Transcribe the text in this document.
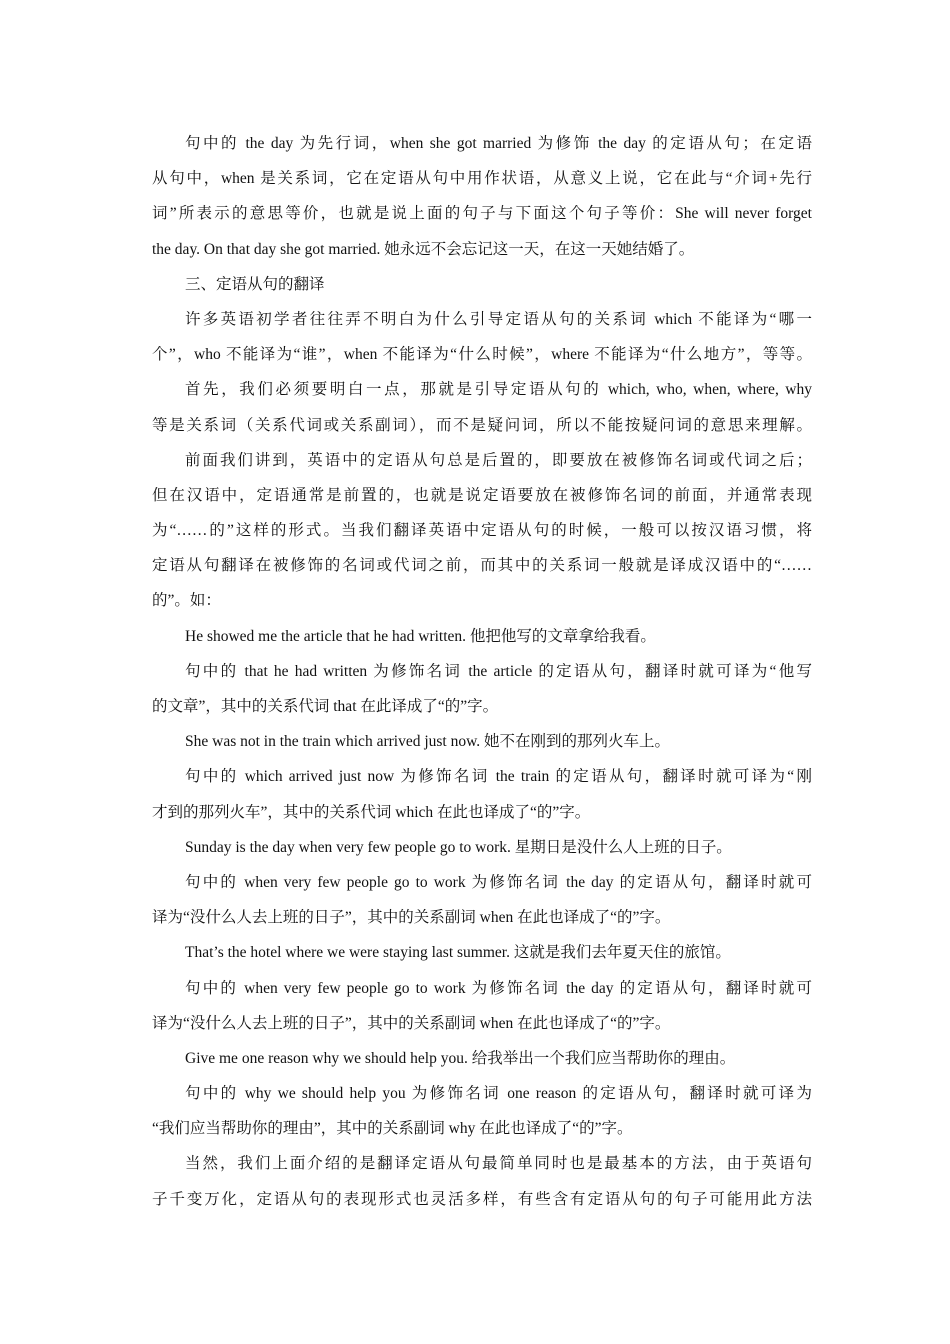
句中的 the day 为先行词，when she got married 为修饰 the day 的定语从句；在定语
从句中，when 是关系词，它在定语从句中用作状语，从意义上说，它在此与“介词+先行
词”所表示的意思等价，也就是说上面的句子与下面这个句子等价：She will never forget
the day. On that day she got married. 她永远不会忘记这一天，在这一天她结婚了。
三、定语从句的翻译
许多英语初学者往往弄不明白为什么引导定语从句的关系词 which 不能译为“哪一
个”，who 不能译为“谁”，when 不能译为“什么时候”，where 不能译为“什么地方”，等等。
首先，我们必须要明白一点，那就是引导定语从句的 which, who, when, where, why
等是关系词（关系代词或关系副词），而不是疑问词，所以不能按疑问词的意思来理解。
前面我们讲到，英语中的定语从句总是后置的，即要放在被修饰名词或代词之后；
但在汉语中，定语通常是前置的，也就是说定语要放在被修饰名词的前面，并通常表现
为“……的”这样的形式。当我们翻译英语中定语从句的时候，一般可以按汉语习惯，将
定语从句翻译在被修饰的名词或代词之前，而其中的关系词一般就是译成汉语中的“……
的”。如：
He showed me the article that he had written. 他把他写的文章拿给我看。
句中的 that he had written 为修饰名词 the article 的定语从句，翻译时就可译为“他写
的文章”，其中的关系代词 that 在此译成了“的”字。
She was not in the train which arrived just now. 她不在刚到的那列火车上。
句中的 which arrived just now 为修饰名词 the train 的定语从句，翻译时就可译为“刚
才到的那列火车”，其中的关系代词 which 在此也译成了“的”字。
Sunday is the day when very few people go to work. 星期日是没什么人上班的日子。
句中的 when very few people go to work 为修饰名词 the day 的定语从句，翻译时就可
译为“没什么人去上班的日子”，其中的关系副词 when 在此也译成了“的”字。
That’s the hotel where we were staying last summer. 这就是我们去年夏天住的旅馆。
句中的 when very few people go to work 为修饰名词 the day 的定语从句，翻译时就可
译为“没什么人去上班的日子”，其中的关系副词 when 在此也译成了“的”字。
Give me one reason why we should help you. 给我举出一个我们应当帮助你的理由。
句中的 why we should help you 为修饰名词 one reason 的定语从句，翻译时就可译为
“我们应当帮助你的理由”，其中的关系副词 why 在此也译成了“的”字。
当然，我们上面介绍的是翻译定语从句最简单同时也是最基本的方法，由于英语句
子千变万化，定语从句的表现形式也灵活多样，有些含有定语从句的句子可能用此方法
